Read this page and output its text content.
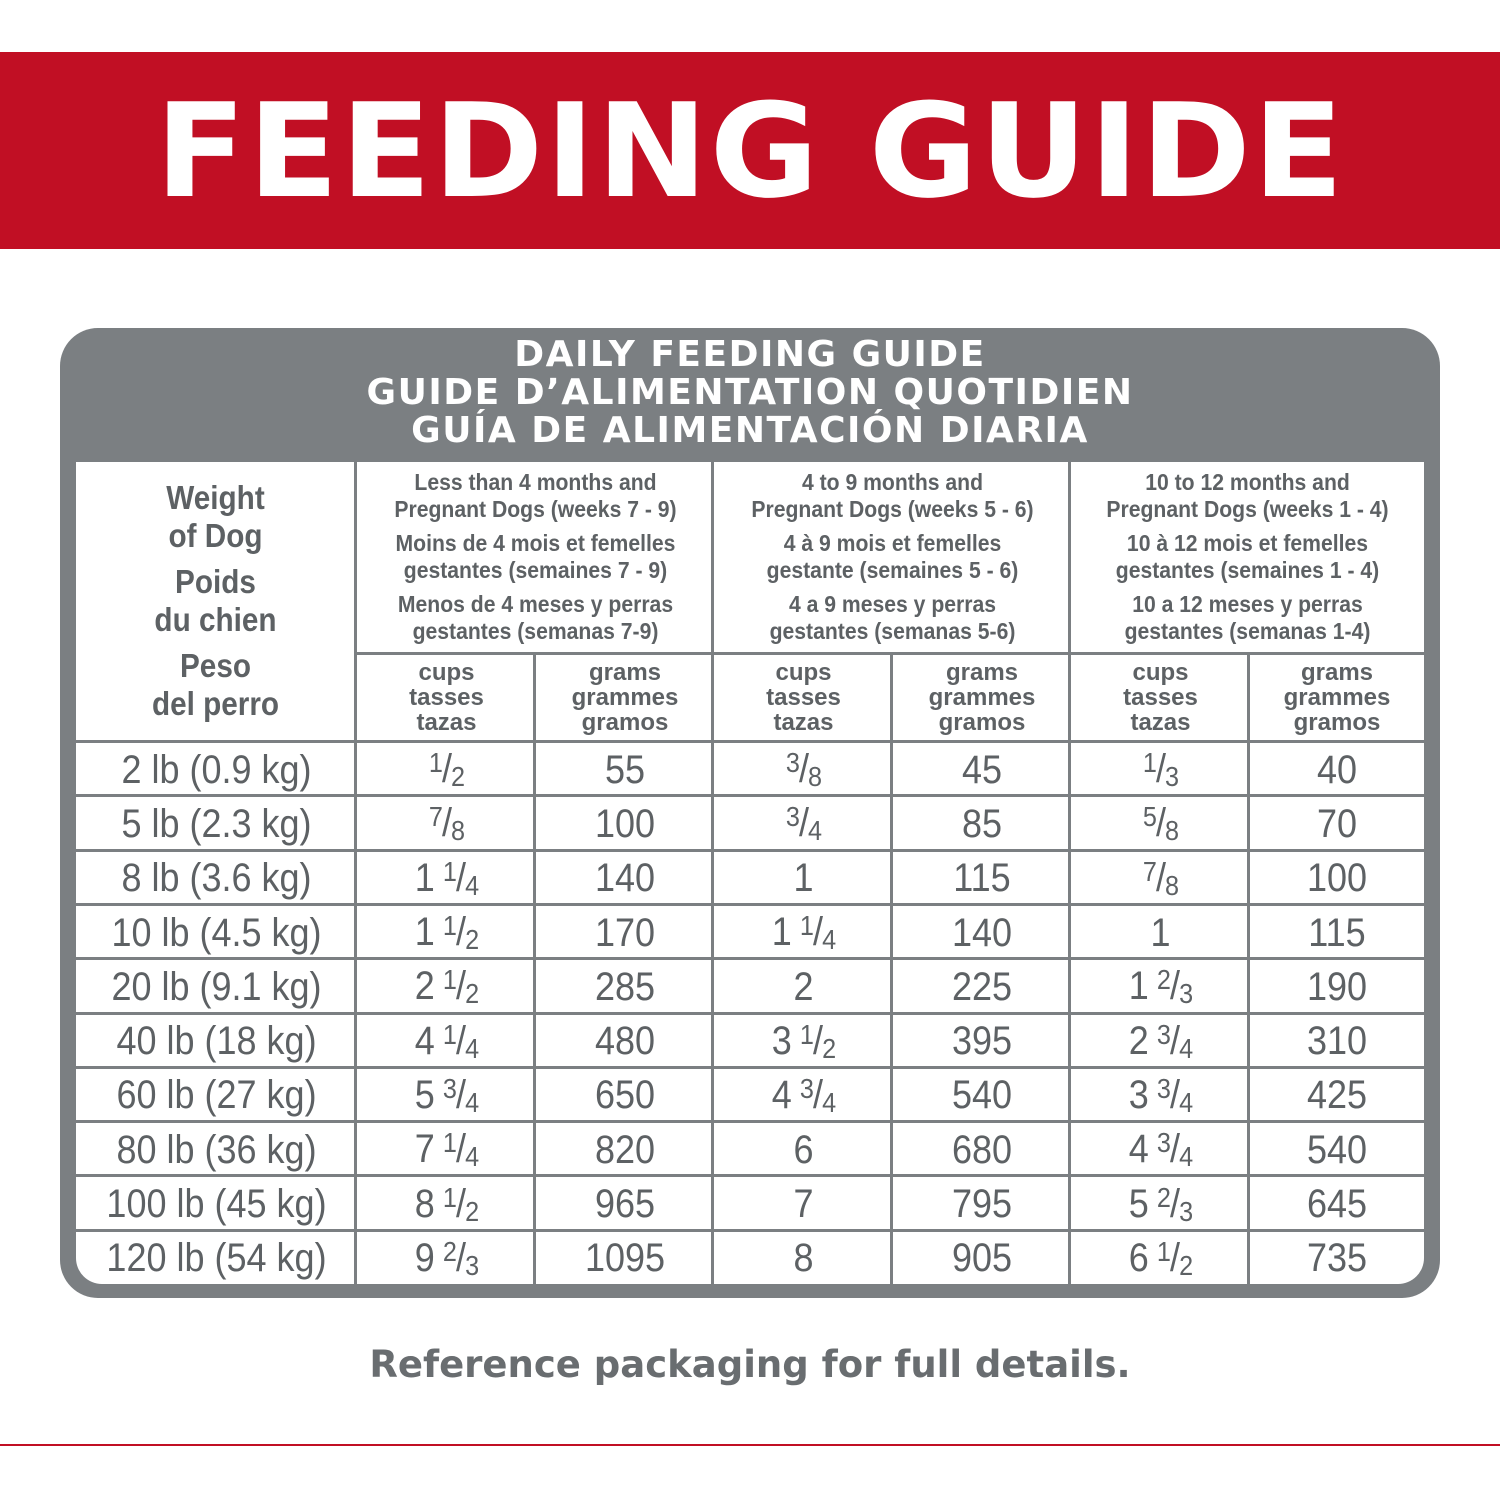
FEEDING GUIDE
DAILY FEEDING GUIDE
GUIDE D’ALIMENTATION QUOTIDIEN
GUÍA DE ALIMENTACIÓN DIARIA
Weight
of Dog
Poids
du chien
Peso
del perro
Less than 4 months and
Pregnant Dogs (weeks 7 - 9)
Moins de 4 mois et femelles
gestantes (semaines 7 - 9)
Menos de 4 meses y perras
gestantes (semanas 7-9)
cups
tasses
tazas
grams
grammes
gramos
4 to 9 months and
Pregnant Dogs (weeks 5 - 6)
4 à 9 mois et femelles
gestante (semaines 5 - 6)
4 a 9 meses y perras
gestantes (semanas 5-6)
cups
tasses
tazas
grams
grammes
gramos
10 to 12 months and
Pregnant Dogs (weeks 1 - 4)
10 à 12 mois et femelles
gestantes (semaines 1 - 4)
10 a 12 meses y perras
gestantes (semanas 1-4)
cups
tasses
tazas
grams
grammes
gramos
2 lb (0.9 kg)	$^1$/2	55	$^3$/8	45	$^1$/3	40
5 lb (2.3 kg)	$^7$/8	100	$^3$/4	85	$^5$/8	70
8 lb (3.6 kg)	1 $^1$/4	140	1	115	$^7$/8	100
10 lb (4.5 kg)	1 $^1$/2	170	1 $^1$/4	140	1	115
20 lb (9.1 kg)	2 $^1$/2	285	2	225	1 $^2$/3	190
40 lb (18 kg)	4 $^1$/4	480	3 $^1$/2	395	2 $^3$/4	310
60 lb (27 kg)	5 $^3$/4	650	4 $^3$/4	540	3 $^3$/4	425
80 lb (36 kg)	7 $^1$/4	820	6	680	4 $^3$/4	540
100 lb (45 kg)	8 $^1$/2	965	7	795	5 $^2$/3	645
120 lb (54 kg)	9 $^2$/3	1095	8	905	6 $^1$/2	735
Reference packaging for full details.
